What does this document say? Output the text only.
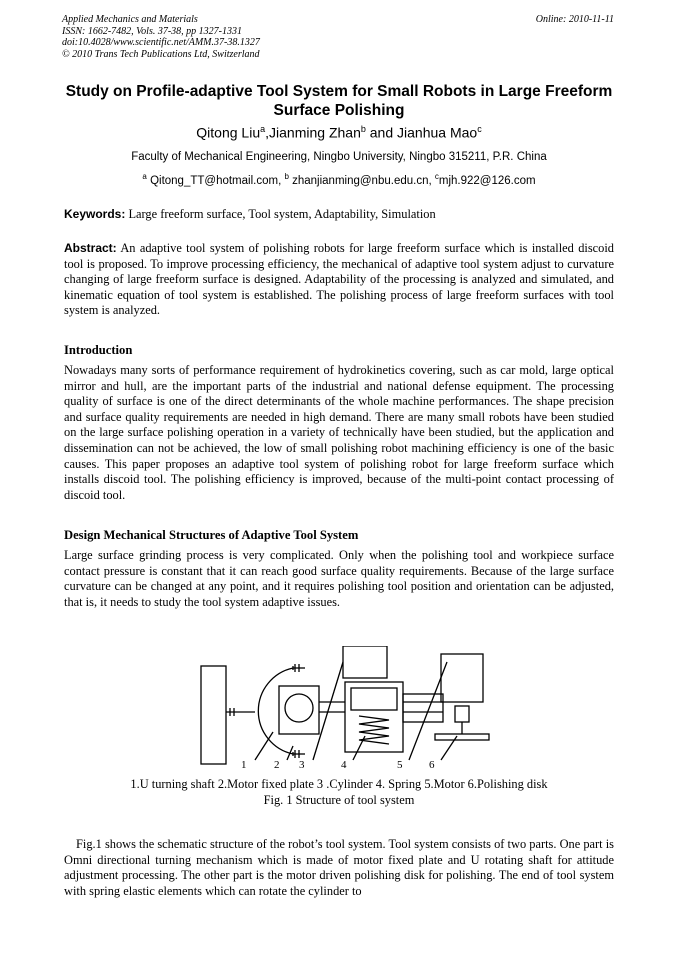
Applied Mechanics and Materials
ISSN: 1662-7482, Vols. 37-38, pp 1327-1331
doi:10.4028/www.scientific.net/AMM.37-38.1327
© 2010 Trans Tech Publications Ltd, Switzerland
Online: 2010-11-11
Study on Profile-adaptive Tool System for Small Robots in Large Freeform Surface Polishing
Qitong Liu$^a$,Jianming Zhan$^b$ and Jianhua Mao$^c$
Faculty of Mechanical Engineering, Ningbo University, Ningbo 315211, P.R. China
$^a$ Qitong_TT@hotmail.com, $^b$ zhanjianming@nbu.edu.cn, $^c$mjh.922@126.com
Keywords: Large freeform surface, Tool system, Adaptability, Simulation
Abstract: An adaptive tool system of polishing robots for large freeform surface which is installed discoid tool is proposed. To improve processing efficiency, the mechanical of adaptive tool system adjust to curvature changing of large freeform surface is designed. Adaptability of the processing is analyzed and simulated, and kinematic equation of tool system is established. The polishing process of large freeform surfaces with tool system is analyzed.
Introduction
Nowadays many sorts of performance requirement of hydrokinetics covering, such as car mold, large optical mirror and hull, are the important parts of the industrial and national defense equipment. The processing quality of surface is one of the direct determinants of the whole machine performances. The shape precision and surface quality requirements are needed in high demand. There are many small robots have been studied on the large surface polishing operation in a variety of technically have been studied, but the application and dissemination can not be achieved, the low of small polishing robot machining efficiency is one of the basic causes. This paper proposes an adaptive tool system of polishing robot for large freeform surface which installs discoid tool. The polishing efficiency is improved, because of the multi-point contact processing of discoid tool.
Design Mechanical Structures of Adaptive Tool System
Large surface grinding process is very complicated. Only when the polishing tool and workpiece surface contact pressure is constant that it can reach good surface quality requirements. Because of the large surface curvature can be changed at any point, and it requires polishing tool position and orientation can be adjusted, that is, it needs to study the tool system adaptive issues.
1	2 3	4	5 6
1.U turning shaft 2.Motor fixed plate 3 .Cylinder 4. Spring 5.Motor 6.Polishing disk
Fig. 1 Structure of tool system
Fig.1 shows the schematic structure of the robot’s tool system. Tool system consists of two parts. One part is Omni directional turning mechanism which is made of motor fixed plate and U rotating shaft for attitude adjustment processing. The other part is the motor driven polishing disk for polishing. The end of tool system with spring elastic elements which can rotate the cylinder to
